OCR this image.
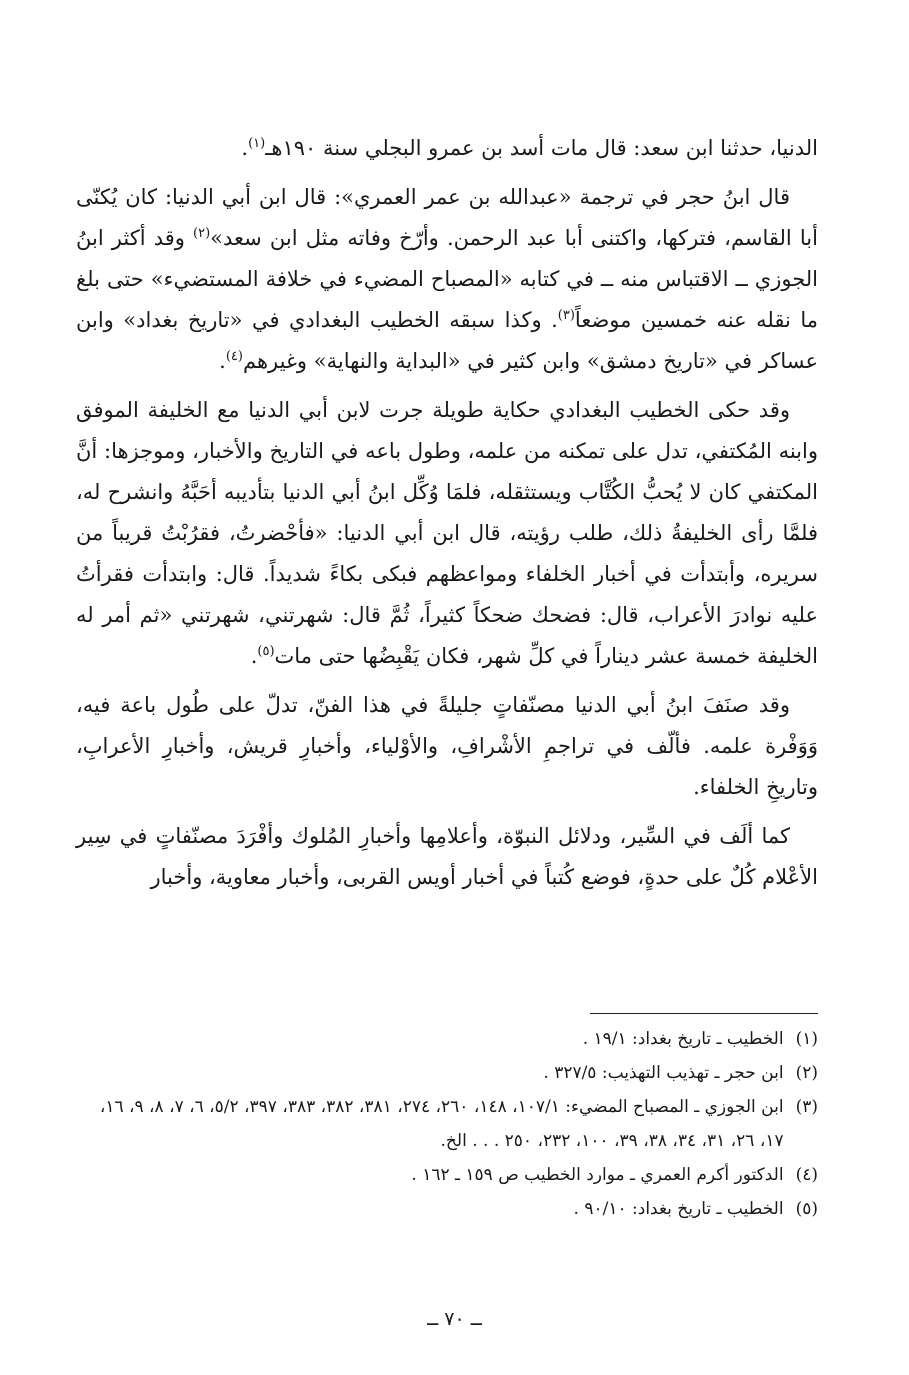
الدنيا، حدثنا ابن سعد: قال مات أسد بن عمرو البجلي سنة ١٩٠هـ$^{(١)}$.

قال ابنُ حجر في ترجمة «عبدالله بن عمر العمري»: قال ابن أبي الدنيا: كان يُكنّى أبا القاسم، فتركها، واكتنى أبا عبد الرحمن. وأرّخ وفاته مثل ابن سعد»$^{(٢)}$ وقد أكثر ابنُ الجوزي ــ الاقتباس منه ــ في كتابه «المصباح المضيء في خلافة المستضيء» حتى بلغ ما نقله عنه خمسين موضعاً$^{(٣)}$. وكذا سبقه الخطيب البغدادي في «تاريخ بغداد» وابن عساكر في «تاريخ دمشق» وابن كثير في «البداية والنهاية» وغيرهم$^{(٤)}$.

وقد حكى الخطيب البغدادي حكاية طويلة جرت لابن أبي الدنيا مع الخليفة الموفق وابنه المُكتفي، تدل على تمكنه من علمه، وطول باعه في التاريخ والأخبار، وموجزها: أنَّ المكتفي كان لا يُحبُّ الكُتَّاب ويستثقله، فلمَا وُكِّل ابنُ أبي الدنيا بتأديبه أحَبَّهُ وانشرح له، فلمَّا رأى الخليفةُ ذلك، طلب رؤيته، قال ابن أبي الدنيا: «فأحْضرتُ، فقرُبْتُ قريباً من سريره، وأبتدأت في أخبار الخلفاء ومواعظهم فبكى بكاءً شديداً. قال: وابتدأت فقرأتُ عليه نوادرَ الأعراب، قال: فضحك ضحكاً كثيراً، ثُمَّ قال: شهرتني، شهرتني «ثم أمر له الخليفة خمسة عشر ديناراً في كلِّ شهر، فكان يَقْبِضُها حتى مات$^{(٥)}$.

وقد صنَفَ ابنُ أبي الدنيا مصنّفاتٍ جليلةً في هذا الفنّ، تدلّ على طُول باعة فيه، وَوَفْرة علمه. فألّف في تراجمِ الأشْرافِ، والأوْلياء، وأخبارِ قريش، وأخبارِ الأعرابِ، وتاريخِ الخلفاء.

كما ألَف في السِّير، ودلائل النبوّة، وأعلامِها وأخبارِ المُلوك وأفْرَدَ مصنّفاتٍ في سِير الأعْلام كُلٌ على حدةٍ، فوضع كُتباً في أخبار أويس القربى، وأخبار معاوية، وأخبار

(١)
الخطيب ـ تاريخ بغداد: ١٩/١ .

(٢)
ابن حجر ـ تهذيب التهذيب: ٣٢٧/٥ .

(٣)
ابن الجوزي ـ المصباح المضيء: ١٠٧/١، ١٤٨، ٢٦٠، ٢٧٤، ٣٨١، ٣٨٢، ٣٨٣، ٣٩٧، ٥/٢، ٦، ٧، ٨، ٩، ١٦، ١٧، ٢٦، ٣١، ٣٤، ٣٨، ٣٩، ١٠٠، ٢٣٢، ٢٥٠ . . . الخ.

(٤)
الدكتور أكرم العمري ـ موارد الخطيب ص ١٥٩ ـ ١٦٢ .

(٥)
الخطيب ـ تاريخ بغداد: ٩٠/١٠ .

ــ ٧٠ ــ
